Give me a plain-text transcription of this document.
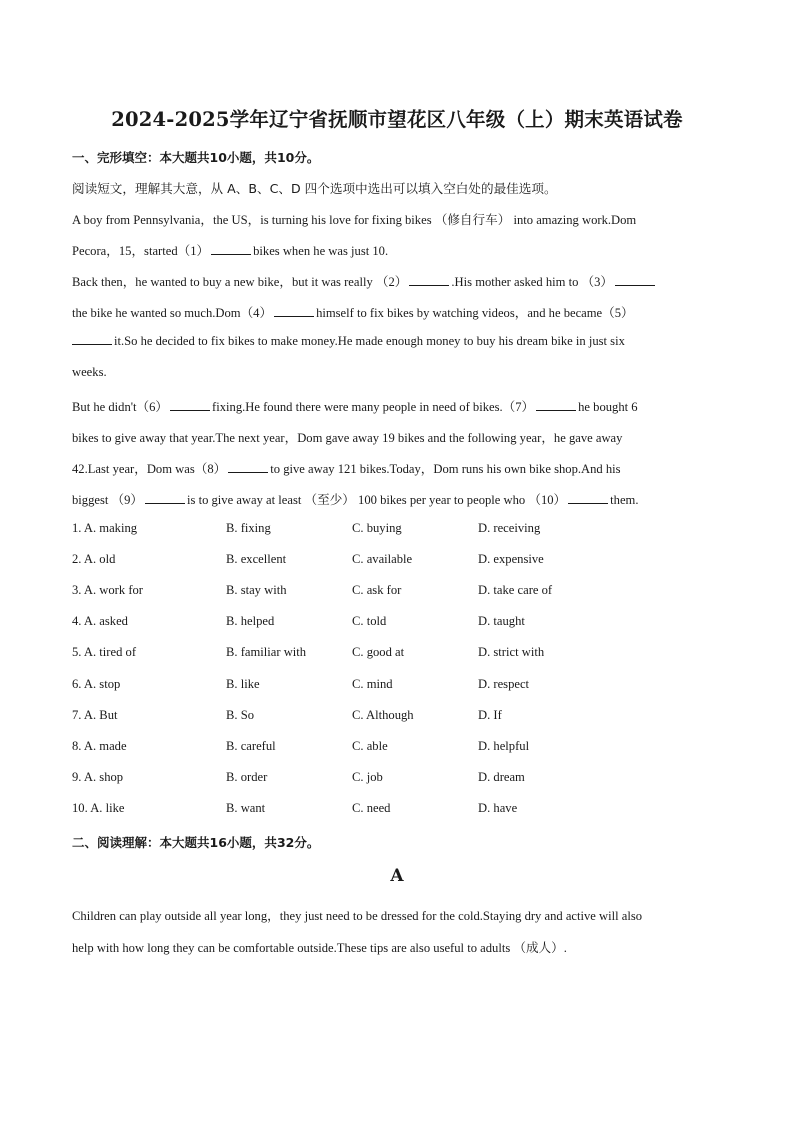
2024-2025学年辽宁省抚顺市望花区八年级（上）期末英语试卷
一、完形填空：本大题共10小题，共10分。
阅读短文，理解其大意，从 A、B、C、D 四个选项中选出可以填入空白处的最佳选项。
A boy from Pennsylvania，the US，is turning his love for fixing bikes （修自行车） into amazing work.Dom
Pecora，15，started（1）	bikes when he was just 10.
Back then，he wanted to buy a new bike，but it was really （2）	.His mother asked him to （3）
the bike he wanted so much.Dom（4）	himself to fix bikes by watching videos，and he became（5）
it.So he decided to fix bikes to make money.He made enough money to buy his dream bike in just six
weeks.
But he didn't（6）	fixing.He found there were many people in need of bikes.（7）	he bought 6
bikes to give away that year.The next year，Dom gave away 19 bikes and the following year，he gave away
42.Last year，Dom was（8）	to give away 121 bikes.Today，Dom runs his own bike shop.And his
biggest （9）	is to give away at least （至少） 100 bikes per year to people who （10）	them.
1. A. making	B. fixing	C. buying	D. receiving
2. A. old	B. excellent	C. available	D. expensive
3. A. work for	B. stay with	C. ask for	D. take care of
4. A. asked	B. helped	C. told	D. taught
5. A. tired of	B. familiar with	C. good at	D. strict with
6. A. stop	B. like	C. mind	D. respect
7. A. But	B. So	C. Although	D. If
8. A. made	B. careful	C. able	D. helpful
9. A. shop	B. order	C. job	D. dream
10. A. like	B. want	C. need	D. have
二、阅读理解：本大题共16小题，共32分。
A
Children can play outside all year long，they just need to be dressed for the cold.Staying dry and active will also
help with how long they can be comfortable outside.These tips are also useful to adults （成人）.
